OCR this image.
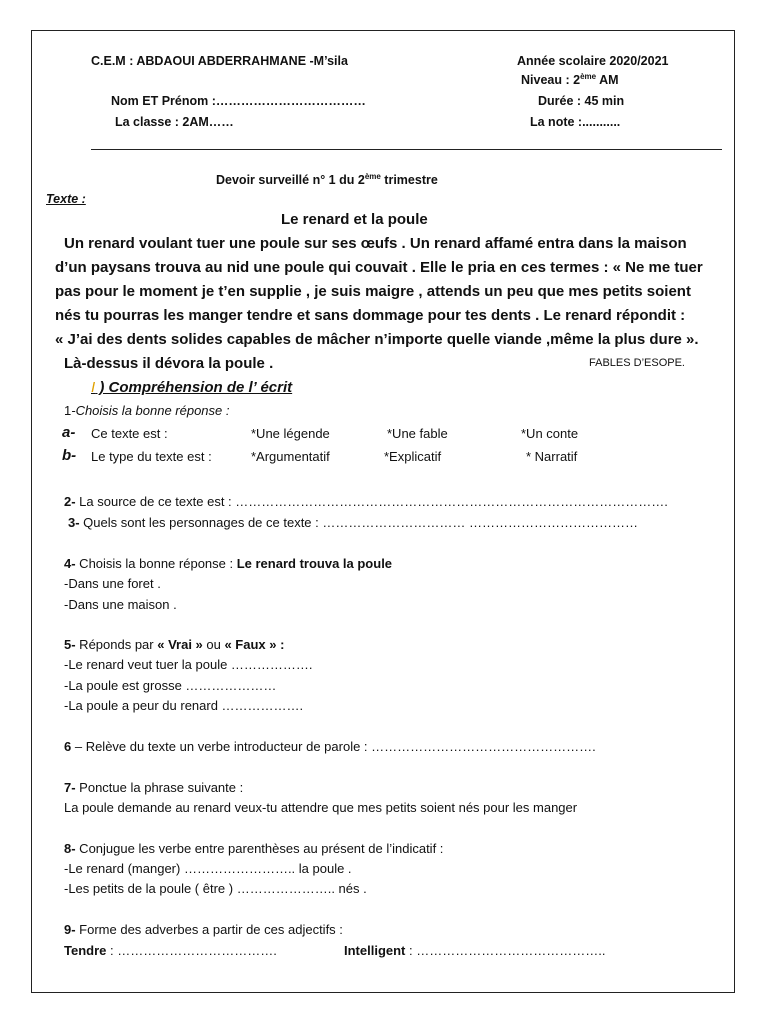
C.E.M : ABDAOUI ABDERRAHMANE -M’sila	Année scolaire 2020/2021
Niveau : 2ème AM
Nom ET Prénom :………………………………	Durée : 45 min
La classe : 2AM……	La note :...........
Devoir surveillé n° 1 du 2ème trimestre
Texte :
Le renard et la poule
Un renard voulant tuer une poule sur ses œufs . Un renard affamé entra dans la maison
d’un paysans trouva au nid une poule qui couvait . Elle le pria en ces termes : « Ne me tuer
pas pour le moment je t’en supplie , je suis maigre , attends un peu que mes petits soient
nés tu pourras les manger tendre et sans dommage pour tes dents . Le renard répondit :
« J’ai des dents solides capables de mâcher n’importe quelle viande ,même la plus dure ».
Là-dessus il dévora la poule .	FABLES D’ESOPE.
I ) Compréhension de l’ écrit
1-Choisis la bonne réponse :
a- Ce texte est :	*Une légende	*Une fable	*Un conte
b- Le type du texte est :	*Argumentatif	*Explicatif	* Narratif
2- La source de ce texte est : ……………………………………………………………………………………….
3- Quels sont les personnages de ce texte : …………………………… …………………………………
4- Choisis la bonne réponse : Le renard trouva la poule
-Dans une foret .
-Dans une maison .
5- Réponds par « Vrai » ou « Faux » :
-Le renard veut tuer la poule ……………….
-La poule est grosse …………………
-La poule a peur du renard ……………….
6 – Relève du texte un verbe introducteur de parole : …………………………………………….
7- Ponctue la phrase suivante :
La poule demande au renard veux-tu attendre que mes petits soient nés pour les manger
8- Conjugue les verbe entre parenthèses au présent de l’indicatif :
-Le renard (manger) …………………….. la poule .
-Les petits de la poule ( être ) ………………….. nés .
9- Forme des adverbes a partir de ces adjectifs :
Tendre : ……………………………….	Intelligent : ……………………………………..
